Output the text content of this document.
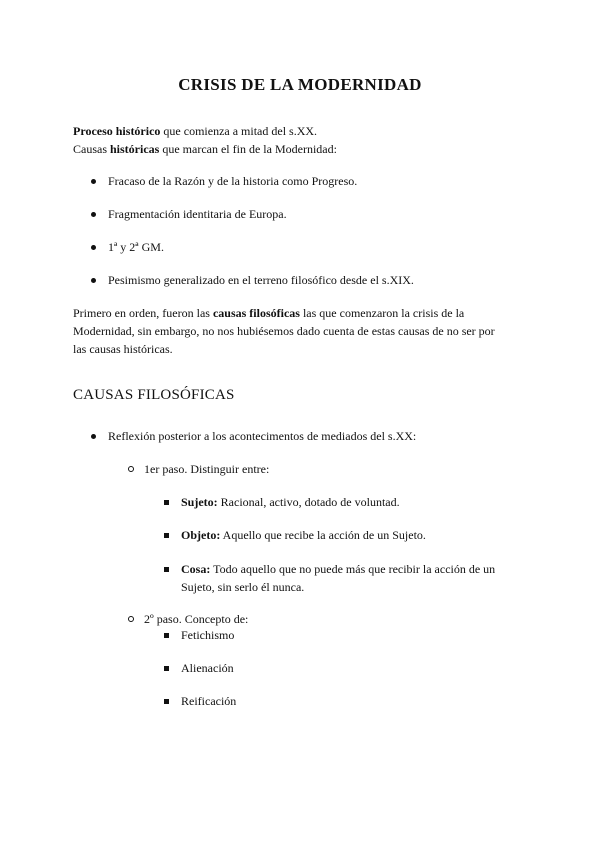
CRISIS DE LA MODERNIDAD

Proceso histórico que comienza a mitad del s.XX.
Causas históricas que marcan el fin de la Modernidad:

Fracaso de la Razón y de la historia como Progreso.
Fragmentación identitaria de Europa.
1ª y 2ª GM.
Pesimismo generalizado en el terreno filosófico desde el s.XIX.

Primero en orden, fueron las causas filosóficas las que comenzaron la crisis de la Modernidad, sin embargo, no nos hubiésemos dado cuenta de estas causas de no ser por las causas históricas.

CAUSAS FILOSÓFICAS
Reflexión posterior a los acontecimentos de mediados del s.XX:
1er paso. Distinguir entre:
Sujeto: Racional, activo, dotado de voluntad.
Objeto: Aquello que recibe la acción de un Sujeto.
Cosa: Todo aquello que no puede más que recibir la acción de un Sujeto, sin serlo él nunca.
2º paso. Concepto de:
Fetichismo
Alienación
Reificación
